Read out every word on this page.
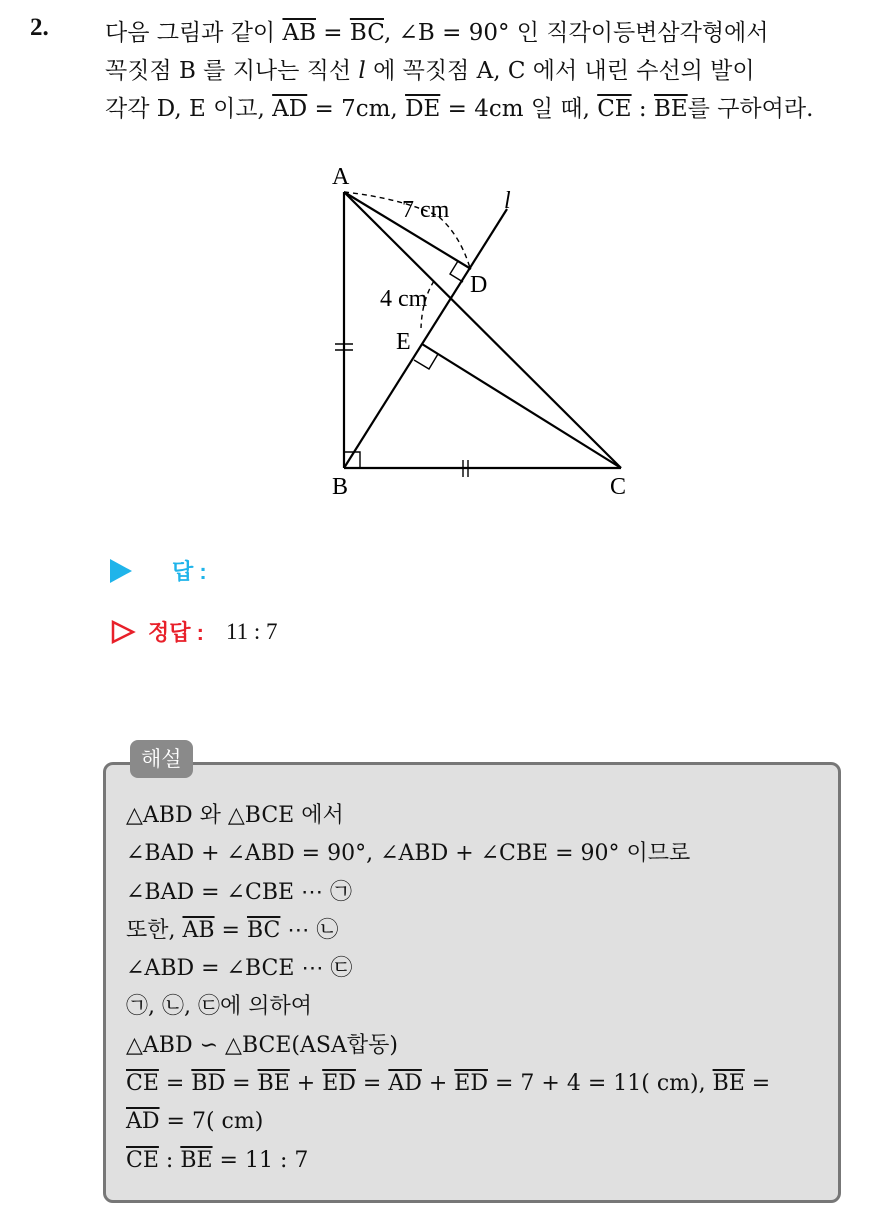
2. 다음 그림과 같이 $\overline{AB} = \overline{BC}$, ∠B = 90° 인 직각이등변삼각형에서
꼭짓점 B 를 지나는 직선 l 에 꼭짓점 A, C 에서 내린 수선의 발이
각각 D, E 이고, $\overline{AD} = 7cm$, $\overline{DE} = 4cm$ 일 때, $\overline{CE}$ : $\overline{BE}$를 구하여라.
A
B	C
D
E
l
7 cm
4 cm
답 :
정답 : 11 : 7
해설
△ABD 와 △BCE 에서
∠BAD + ∠ABD = 90°, ∠ABD + ∠CBE = 90° 이므로
∠BAD = ∠CBE ⋯ ㉠
또한, $\overline{AB} = \overline{BC}$ ⋯ ㉡
∠ABD = ∠BCE ⋯ ㉢
㉠, ㉡, ㉢에 의하여
△ABD ∽ △BCE(ASA합동)
$\overline{CE} = \overline{BD} = \overline{BE} + \overline{ED} = \overline{AD} + \overline{ED} = 7 + 4 = 11$( cm), $\overline{BE}$ =
$\overline{AD} = 7$( cm)
$\overline{CE}$ : $\overline{BE} = 11$ : 7
